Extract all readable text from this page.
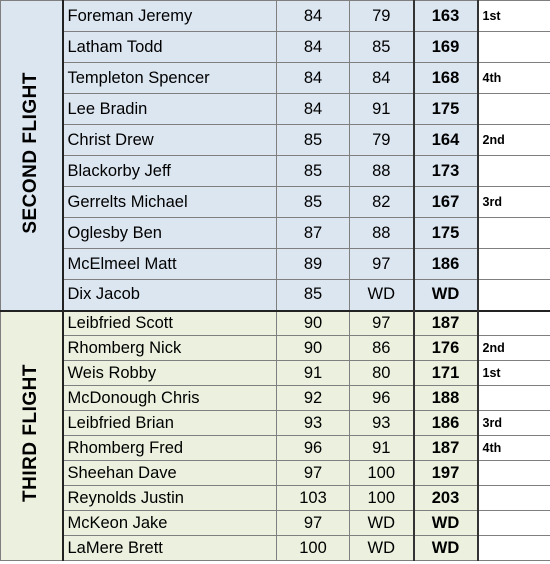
SECOND FLIGHT	Foreman Jeremy	84	79	163	1st
	Latham Todd	84	85	169	
	Templeton Spencer	84	84	168	4th
	Lee Bradin	84	91	175	
	Christ Drew	85	79	164	2nd
	Blackorby Jeff	85	88	173	
	Gerrelts Michael	85	82	167	3rd
	Oglesby Ben	87	88	175	
	McElmeel Matt	89	97	186	
	Dix Jacob	85	WD	WD	
THIRD FLIGHT	Leibfried Scott	90	97	187	
	Rhomberg Nick	90	86	176	2nd
	Weis Robby	91	80	171	1st
	McDonough Chris	92	96	188	
	Leibfried Brian	93	93	186	3rd
	Rhomberg Fred	96	91	187	4th
	Sheehan Dave	97	100	197	
	Reynolds Justin	103	100	203	
	McKeon Jake	97	WD	WD	
	LaMere Brett	100	WD	WD	
